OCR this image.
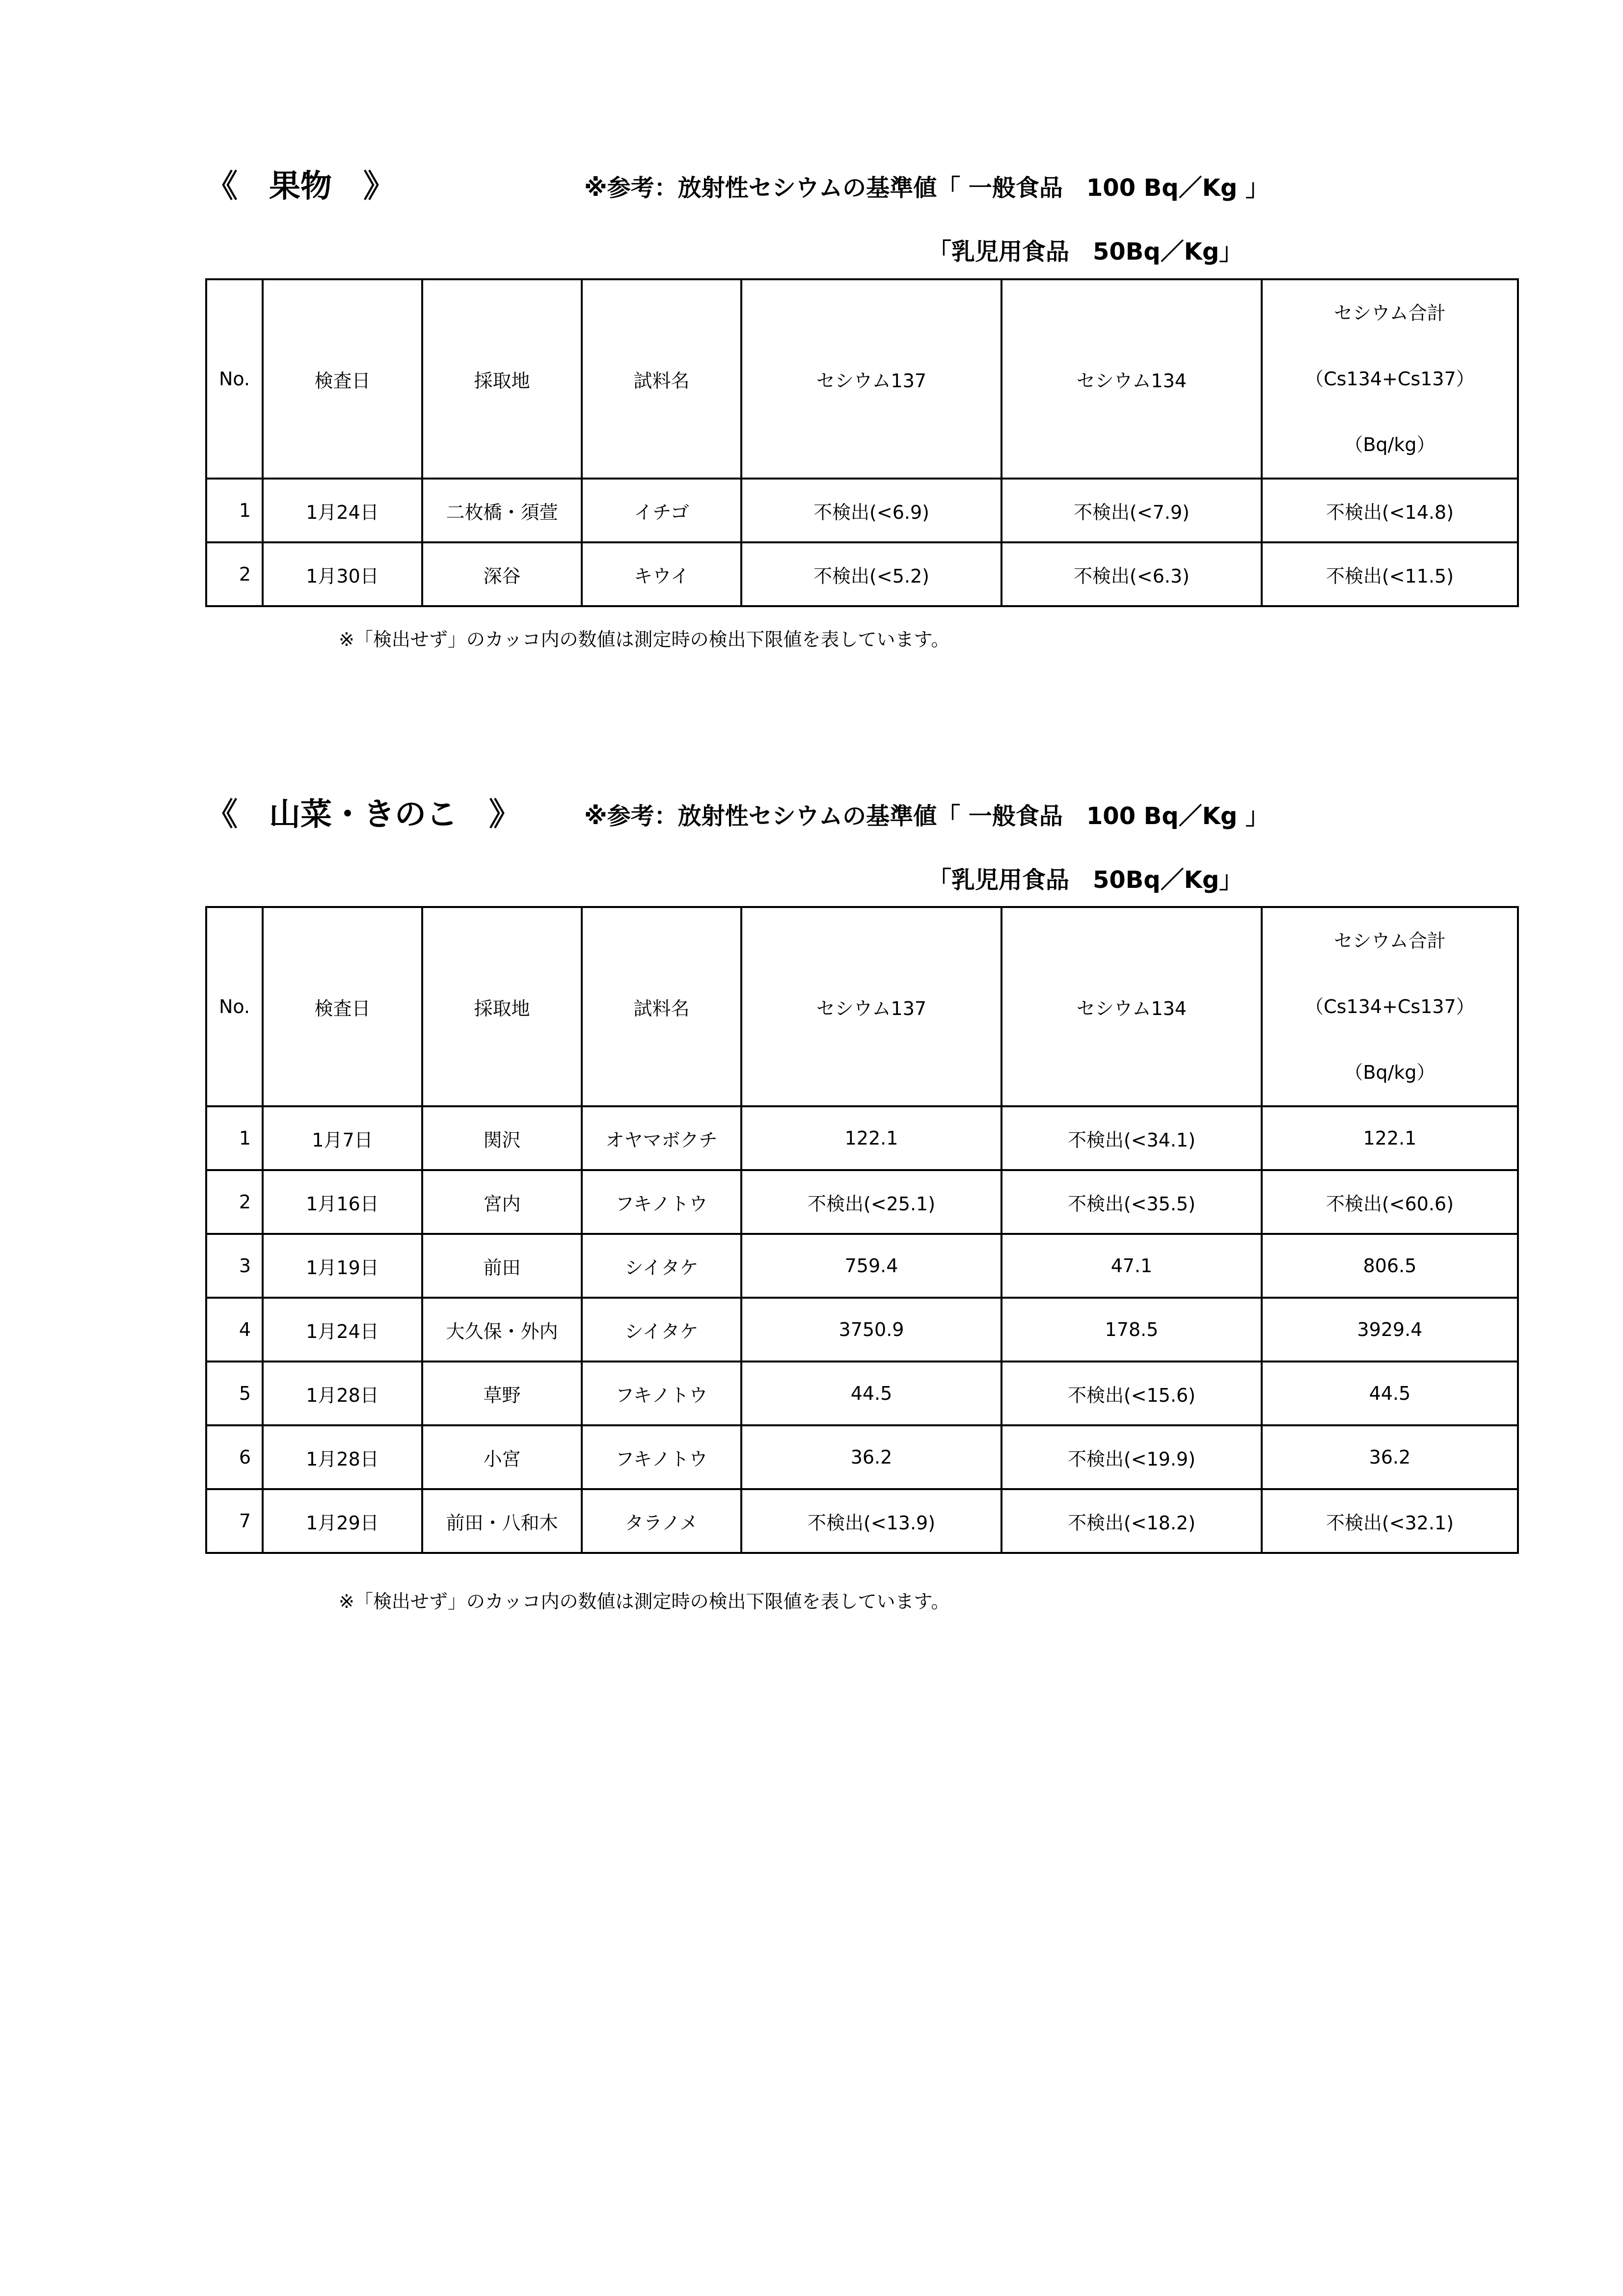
《　果物　》	※参考：放射性セシウムの基準値「 一般食品　100 Bq／Kg 」
「乳児用食品　50Bq／Kg」
No.	検査日	採取地	試料名	セシウム137	セシウム134	セシウム合計
（Cs134+Cs137）
（Bq/kg）

1	1月24日	二枚橋・須萱	イチゴ	不検出(<6.9)	不検出(<7.9)	不検出(<14.8)
2	1月30日	深谷	キウイ	不検出(<5.2)	不検出(<6.3)	不検出(<11.5)
※「検出せず」のカッコ内の数値は測定時の検出下限値を表しています。
《　山菜・きのこ　》	※参考：放射性セシウムの基準値「 一般食品　100 Bq／Kg 」
「乳児用食品　50Bq／Kg」
No.	検査日	採取地	試料名	セシウム137	セシウム134	セシウム合計
（Cs134+Cs137）
（Bq/kg）

1	1月7日	関沢	オヤマボクチ	122.1	不検出(<34.1)	122.1
2	1月16日	宮内	フキノトウ	不検出(<25.1)	不検出(<35.5)	不検出(<60.6)
3	1月19日	前田	シイタケ	759.4	47.1	806.5
4	1月24日	大久保・外内	シイタケ	3750.9	178.5	3929.4
5	1月28日	草野	フキノトウ	44.5	不検出(<15.6)	44.5
6	1月28日	小宮	フキノトウ	36.2	不検出(<19.9)	36.2
7	1月29日	前田・八和木	タラノメ	不検出(<13.9)	不検出(<18.2)	不検出(<32.1)
※「検出せず」のカッコ内の数値は測定時の検出下限値を表しています。
